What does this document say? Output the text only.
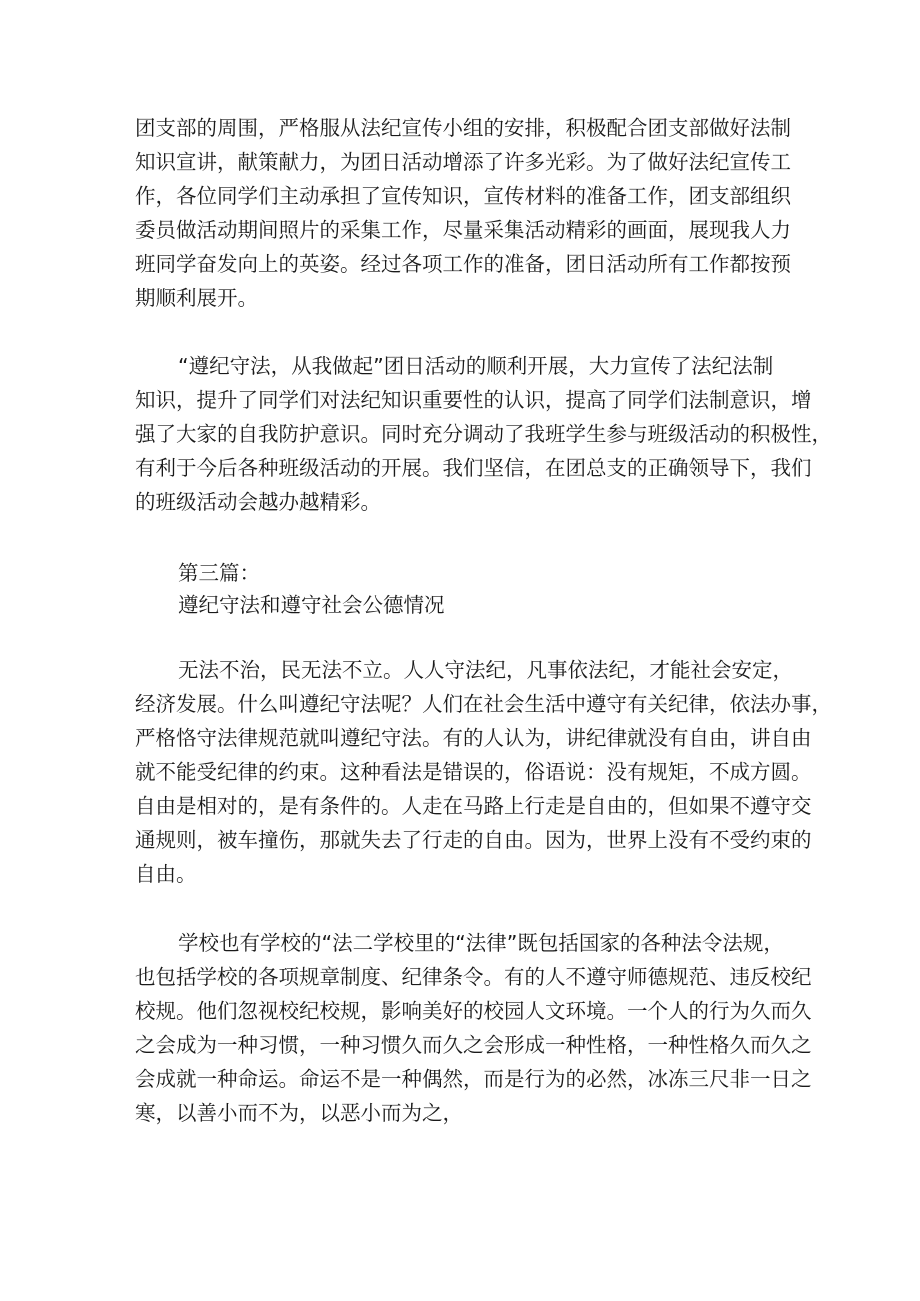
团支部的周围，严格服从法纪宣传小组的安排，积极配合团支部做好法制
知识宣讲，献策献力，为团日活动增添了许多光彩。为了做好法纪宣传工
作，各位同学们主动承担了宣传知识，宣传材料的准备工作，团支部组织
委员做活动期间照片的采集工作，尽量采集活动精彩的画面，展现我人力
班同学奋发向上的英姿。经过各项工作的准备，团日活动所有工作都按预
期顺利展开。
“遵纪守法，从我做起”团日活动的顺利开展，大力宣传了法纪法制
知识，提升了同学们对法纪知识重要性的认识，提高了同学们法制意识，增
强了大家的自我防护意识。同时充分调动了我班学生参与班级活动的积极性，
有利于今后各种班级活动的开展。我们坚信，在团总支的正确领导下，我们
的班级活动会越办越精彩。
第三篇：
遵纪守法和遵守社会公德情况
无法不治，民无法不立。人人守法纪，凡事依法纪，才能社会安定，
经济发展。什么叫遵纪守法呢？人们在社会生活中遵守有关纪律，依法办事，
严格恪守法律规范就叫遵纪守法。有的人认为，讲纪律就没有自由，讲自由
就不能受纪律的约束。这种看法是错误的，俗语说：没有规矩，不成方圆。
自由是相对的，是有条件的。人走在马路上行走是自由的，但如果不遵守交
通规则，被车撞伤，那就失去了行走的自由。因为，世界上没有不受约束的
自由。
学校也有学校的“法二学校里的“法律”既包括国家的各种法令法规，
也包括学校的各项规章制度、纪律条令。有的人不遵守师德规范、违反校纪
校规。他们忽视校纪校规，影响美好的校园人文环境。一个人的行为久而久
之会成为一种习惯，一种习惯久而久之会形成一种性格，一种性格久而久之
会成就一种命运。命运不是一种偶然，而是行为的必然，冰冻三尺非一日之
寒，以善小而不为，以恶小而为之，
